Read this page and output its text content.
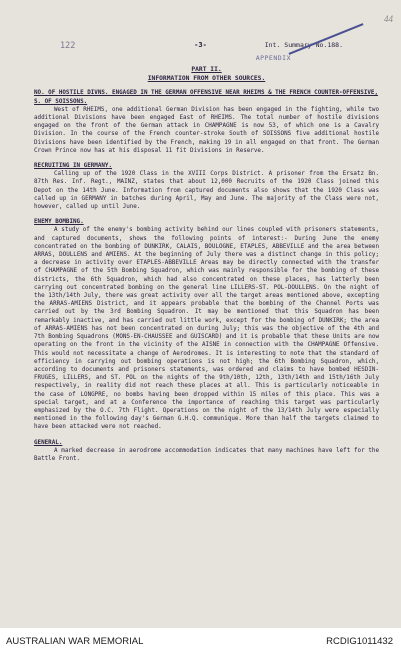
44
122	-3-	Int. Summary No.188.
APPENDIX
PART II.
INFORMATION FROM OTHER SOURCES.
NO. OF HOSTILE DIVNS. ENGAGED IN THE GERMAN OFFENSIVE NEAR RHEIMS & THE FRENCH COUNTER-OFFENSIVE, S. OF SOISSONS.

West of RHEIMS, one additional German Division has been engaged in the fighting, while two additional Divisions have been engaged East of RHEIMS. The total number of hostile divisions engaged on the front of the German attack in CHAMPAGNE is now 53, of which one is a Cavalry Division. In the course of the French counter-stroke South of SOISSONS five additional hostile Divisions have been identified by the French, making 19 in all engaged on that front. The German Crown Prince now has at his disposal 11 fit Divisions in Reserve.

RECRUITING IN GERMANY.

Calling up of the 1920 Class in the XVIII Corps District. A prisoner from the Ersatz Bn. 87th Res. Inf. Regt., MAINZ, states that about 12,000 Recruits of the 1920 Class joined this Depot on the 14th June. Information from captured documents also shows that the 1920 Class was called up in GERMANY in batches during April, May and June. The majority of the Class were not, however, called up until June.

ENEMY BOMBING.

A study of the enemy's bombing activity behind our lines coupled with prisoners statements, and captured documents, shows the following points of interest:- During June the enemy concentrated on the bombing of DUNKIRK, CALAIS, BOULOGNE, ETAPLES, ABBEVILLE and the area between ARRAS, DOULLENS and AMIENS. At the beginning of July there was a distinct change in this policy; a decrease in activity over ETAPLES-ABBEVILLE Areas may be directly connected with the transfer of CHAMPAGNE of the 5th Bombing Squadron, which was mainly responsible for the bombing of these districts, the 6th Squadron, which had also concentrated on these places, has latterly been carrying out concentrated bombing on the general line LILLERS-ST. POL-DOULLENS. On the night of the 13th/14th July, there was great activity over all the target areas mentioned above, excepting the ARRAS-AMIENS District, and it appears probable that the bombing of the Channel Ports was carried out by the 3rd Bombing Squadron. It may be mentioned that this Squadron has been remarkably inactive, and has carried out little work, except for the bombing of DUNKIRK; the area of ARRAS-AMIENS has not been concentrated on during July; this was the objective of the 4th and 7th Bombing Squadrons (MONS-EN-CHAUSSEE and GUISCARD) and it is probable that these Units are now operating on the front in the vicinity of the AISNE in connection with the CHAMPAGNE Offensive. This would not necessitate a change of Aerodromes. It is interesting to note that the standard of efficiency in carrying out bombing operations is not high; the 6th Bombing Squadron, which, according to documents and prisoners statements, was ordered and claims to have bombed HESDIN-FRUGES, LILLERS, and ST. POL on the nights of the 9th/10th, 12th, 13th/14th and 15th/16th July respectively, in reality did not reach these places at all. This is particularly noticeable in the case of LONGPRE, no bombs having been dropped within 15 miles of this place. This was a special target, and at a Conference the importance of reaching this target was particularly emphasized by the O.C. 7th Flight. Operations on the night of the 13/14th July were especially mentioned in the following day's German G.H.Q. communique. More than half the targets claimed to have been attacked were not reached.

GENERAL.

A marked decrease in aerodrome accommodation indicates that many machines have left for the Battle Front.

AUSTRALIAN WAR MEMORIAL	RCDIG1011432
